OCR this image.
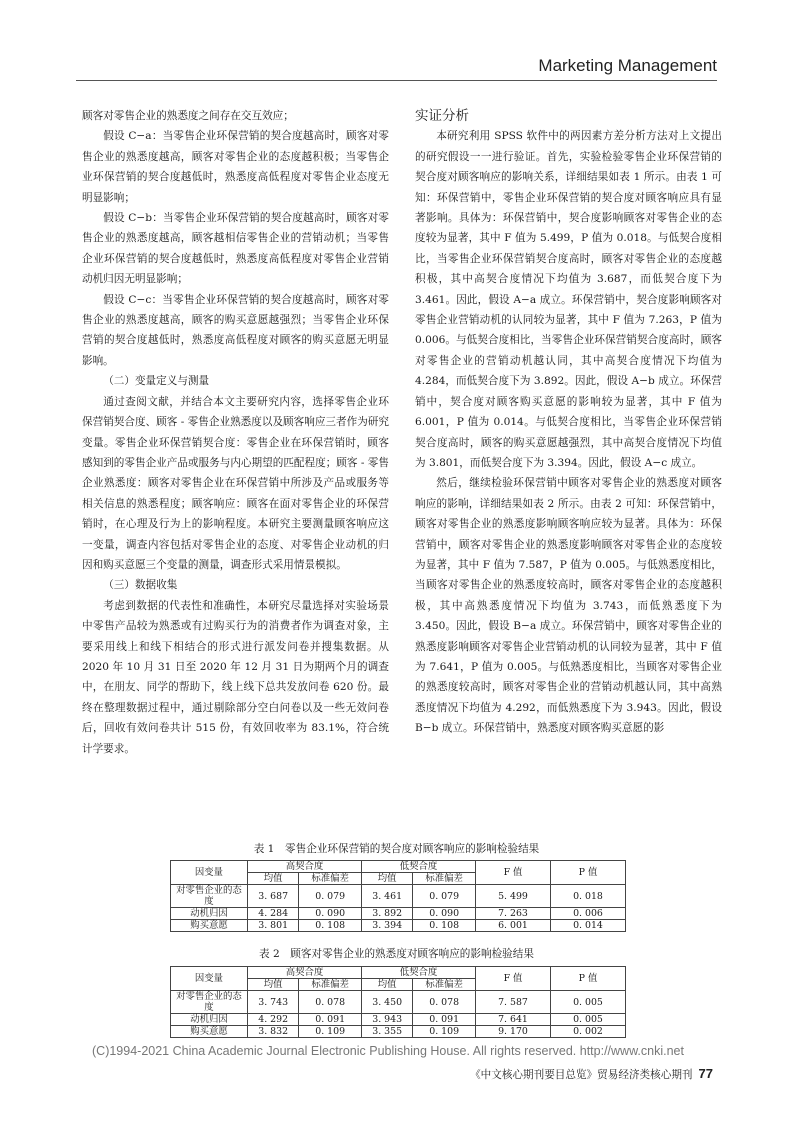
Marketing Management

顾客对零售企业的熟悉度之间存在交互效应；

假设 C−a：当零售企业环保营销的契合度越高时，顾客对零售企业的熟悉度越高，顾客对零售企业的态度越积极；当零售企业环保营销的契合度越低时，熟悉度高低程度对零售企业态度无明显影响；

假设 C−b：当零售企业环保营销的契合度越高时，顾客对零售企业的熟悉度越高，顾客越相信零售企业的营销动机；当零售企业环保营销的契合度越低时，熟悉度高低程度对零售企业营销动机归因无明显影响；

假设 C−c：当零售企业环保营销的契合度越高时，顾客对零售企业的熟悉度越高，顾客的购买意愿越强烈；当零售企业环保营销的契合度越低时，熟悉度高低程度对顾客的购买意愿无明显影响。

（二）变量定义与测量

通过查阅文献，并结合本文主要研究内容，选择零售企业环保营销契合度、顾客 - 零售企业熟悉度以及顾客响应三者作为研究变量。零售企业环保营销契合度：零售企业在环保营销时，顾客感知到的零售企业产品或服务与内心期望的匹配程度；顾客 - 零售企业熟悉度：顾客对零售企业在环保营销中所涉及产品或服务等相关信息的熟悉程度；顾客响应：顾客在面对零售企业的环保营销时，在心理及行为上的影响程度。本研究主要测量顾客响应这一变量，调查内容包括对零售企业的态度、对零售企业动机的归因和购买意愿三个变量的测量，调查形式采用情景模拟。

（三）数据收集

考虑到数据的代表性和准确性，本研究尽量选择对实验场景中零售产品较为熟悉或有过购买行为的消费者作为调查对象，主要采用线上和线下相结合的形式进行派发问卷并搜集数据。从 2020 年 10 月 31 日至 2020 年 12 月 31 日为期两个月的调查中，在朋友、同学的帮助下，线上线下总共发放问卷 620 份。最终在整理数据过程中，通过剔除部分空白问卷以及一些无效问卷后，回收有效问卷共计 515 份，有效回收率为 83.1%，符合统计学要求。

实证分析

本研究利用 SPSS 软件中的两因素方差分析方法对上文提出的研究假设一一进行验证。首先，实验检验零售企业环保营销的契合度对顾客响应的影响关系，详细结果如表 1 所示。由表 1 可知：环保营销中，零售企业环保营销的契合度对顾客响应具有显著影响。具体为：环保营销中，契合度影响顾客对零售企业的态度较为显著，其中 F 值为 5.499，P 值为 0.018。与低契合度相比，当零售企业环保营销契合度高时，顾客对零售企业的态度越积极，其中高契合度情况下均值为 3.687，而低契合度下为 3.461。因此，假设 A−a 成立。环保营销中，契合度影响顾客对零售企业营销动机的认同较为显著，其中 F 值为 7.263，P 值为 0.006。与低契合度相比，当零售企业环保营销契合度高时，顾客对零售企业的营销动机越认同，其中高契合度情况下均值为 4.284，而低契合度下为 3.892。因此，假设 A−b 成立。环保营销中，契合度对顾客购买意愿的影响较为显著，其中 F 值为 6.001，P 值为 0.014。与低契合度相比，当零售企业环保营销契合度高时，顾客的购买意愿越强烈，其中高契合度情况下均值为 3.801，而低契合度下为 3.394。因此，假设 A−c 成立。

然后，继续检验环保营销中顾客对零售企业的熟悉度对顾客响应的影响，详细结果如表 2 所示。由表 2 可知：环保营销中，顾客对零售企业的熟悉度影响顾客响应较为显著。具体为：环保营销中，顾客对零售企业的熟悉度影响顾客对零售企业的态度较为显著，其中 F 值为 7.587，P 值为 0.005。与低熟悉度相比，当顾客对零售企业的熟悉度较高时，顾客对零售企业的态度越积极，其中高熟悉度情况下均值为 3.743，而低熟悉度下为 3.450。因此，假设 B−a 成立。环保营销中，顾客对零售企业的熟悉度影响顾客对零售企业营销动机的认同较为显著，其中 F 值为 7.641，P 值为 0.005。与低熟悉度相比，当顾客对零售企业的熟悉度较高时，顾客对零售企业的营销动机越认同，其中高熟悉度情况下均值为 4.292，而低熟悉度下为 3.943。因此，假设 B−b 成立。环保营销中，熟悉度对顾客购买意愿的影

表 1　零售企业环保营销的契合度对顾客响应的影响检验结果
因变量	高契合度		低契合度		F 值	P 值
	均值	标准偏差	均值	标准偏差		
对零售企业的态度	3. 687	0. 079	3. 461	0. 079	5. 499	0. 018
动机归因	4. 284	0. 090	3. 892	0. 090	7. 263	0. 006
购买意愿	3. 801	0. 108	3. 394	0. 108	6. 001	0. 014
表 2　顾客对零售企业的熟悉度对顾客响应的影响检验结果
因变量	高契合度		低契合度		F 值	P 值
	均值	标准偏差	均值	标准偏差		
对零售企业的态度	3. 743	0. 078	3. 450	0. 078	7. 587	0. 005
动机归因	4. 292	0. 091	3. 943	0. 091	7. 641	0. 005
购买意愿	3. 832	0. 109	3. 355	0. 109	9. 170	0. 002
(C)1994-2021 China Academic Journal Electronic Publishing House. All rights reserved. http://www.cnki.net
《中文核心期刊要目总览》贸易经济类核心期刊 77
